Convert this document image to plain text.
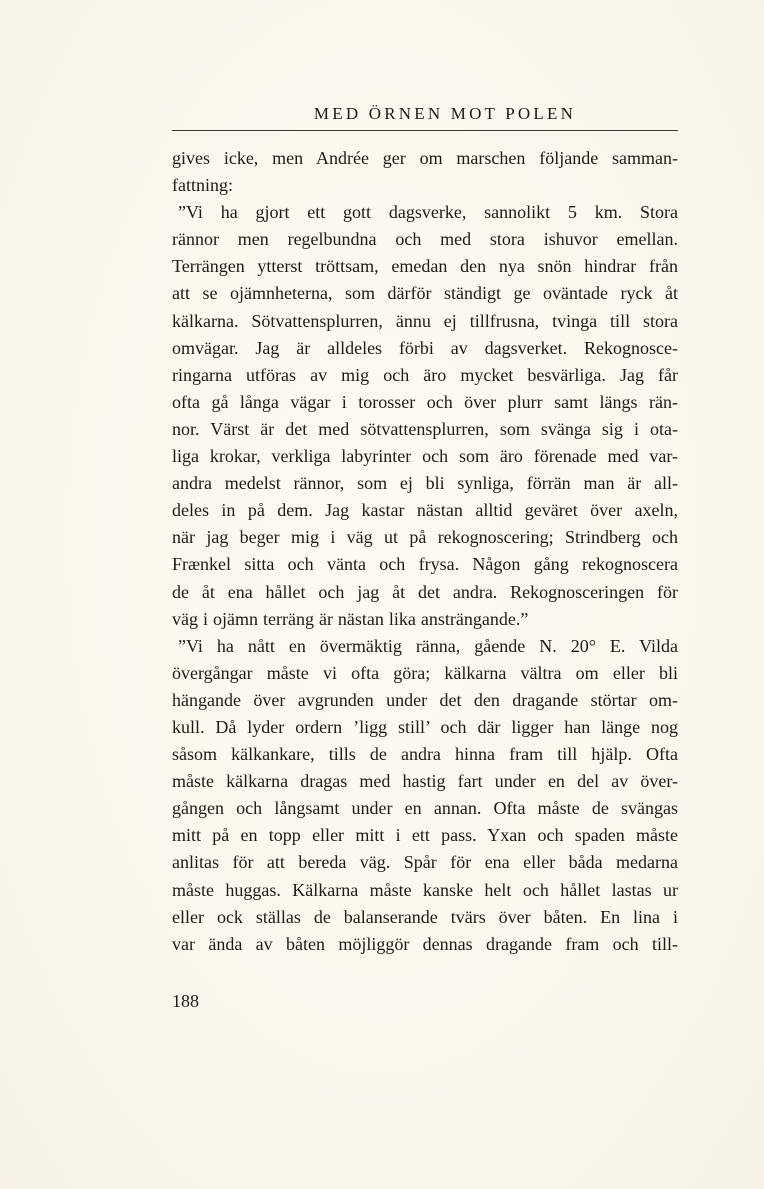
MED ÖRNEN MOT POLEN
gives icke, men Andrée ger om marschen följande samman-
fattning:
”Vi ha gjort ett gott dagsverke, sannolikt 5 km. Stora
rännor men regelbundna och med stora ishuvor emellan.
Terrängen ytterst tröttsam, emedan den nya snön hindrar från
att se ojämnheterna, som därför ständigt ge oväntade ryck åt
kälkarna. Sötvattensplurren, ännu ej tillfrusna, tvinga till stora
omvägar. Jag är alldeles förbi av dagsverket. Rekognosce-
ringarna utföras av mig och äro mycket besvärliga. Jag får
ofta gå långa vägar i torosser och över plurr samt längs rän-
nor. Värst är det med sötvattensplurren, som svänga sig i ota-
liga krokar, verkliga labyrinter och som äro förenade med var-
andra medelst rännor, som ej bli synliga, förrän man är all-
deles in på dem. Jag kastar nästan alltid geväret över axeln,
när jag beger mig i väg ut på rekognoscering; Strindberg och
Frænkel sitta och vänta och frysa. Någon gång rekognoscera
de åt ena hållet och jag åt det andra. Rekognosceringen för
väg i ojämn terräng är nästan lika ansträngande.”
”Vi ha nått en övermäktig ränna, gående N. 20° E. Vilda
övergångar måste vi ofta göra; kälkarna vältra om eller bli
hängande över avgrunden under det den dragande störtar om-
kull. Då lyder ordern ’ligg still’ och där ligger han länge nog
såsom kälkankare, tills de andra hinna fram till hjälp. Ofta
måste kälkarna dragas med hastig fart under en del av över-
gången och långsamt under en annan. Ofta måste de svängas
mitt på en topp eller mitt i ett pass. Yxan och spaden måste
anlitas för att bereda väg. Spår för ena eller båda medarna
måste huggas. Kälkarna måste kanske helt och hållet lastas ur
eller ock ställas de balanserande tvärs över båten. En lina i
var ända av båten möjliggör dennas dragande fram och till-
188
